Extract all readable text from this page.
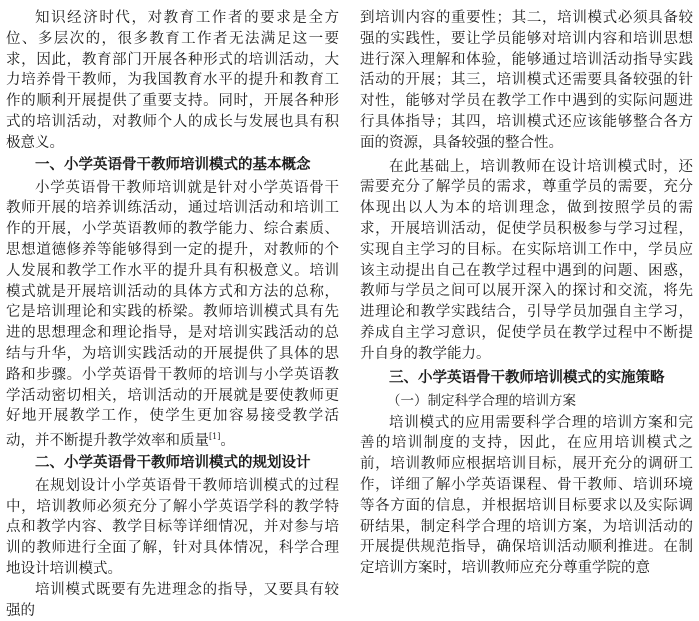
知识经济时代，对教育工作者的要求是全方位、多层次的，很多教育工作者无法满足这一要求，因此，教育部门开展各种形式的培训活动，大力培养骨干教师，为我国教育水平的提升和教育工作的顺利开展提供了重要支持。同时，开展各种形式的培训活动，对教师个人的成长与发展也具有积极意义。

一、小学英语骨干教师培训模式的基本概念

小学英语骨干教师培训就是针对小学英语骨干教师开展的培养训练活动，通过培训活动和培训工作的开展，小学英语教师的教学能力、综合素质、思想道德修养等能够得到一定的提升，对教师的个人发展和教学工作水平的提升具有积极意义。培训模式就是开展培训活动的具体方式和方法的总称，它是培训理论和实践的桥梁。教师培训模式具有先进的思想理念和理论指导，是对培训实践活动的总结与升华，为培训实践活动的开展提供了具体的思路和步骤。小学英语骨干教师的培训与小学英语教学活动密切相关，培训活动的开展就是要使教师更好地开展教学工作，使学生更加容易接受教学活动，并不断提升教学效率和质量[1]。

二、小学英语骨干教师培训模式的规划设计

在规划设计小学英语骨干教师培训模式的过程中，培训教师必须充分了解小学英语学科的教学特点和教学内容、教学目标等详细情况，并对参与培训的教师进行全面了解，针对具体情况，科学合理地设计培训模式。

培训模式既要有先进理念的指导，又要具有较强的

到培训内容的重要性；其二，培训模式必须具备较强的实践性，要让学员能够对培训内容和培训思想进行深入理解和体验，能够通过培训活动指导实践活动的开展；其三，培训模式还需要具备较强的针对性，能够对学员在教学工作中遇到的实际问题进行具体指导；其四，培训模式还应该能够整合各方面的资源，具备较强的整合性。

在此基础上，培训教师在设计培训模式时，还需要充分了解学员的需求，尊重学员的需要，充分体现出以人为本的培训理念，做到按照学员的需求，开展培训活动，促使学员积极参与学习过程，实现自主学习的目标。在实际培训工作中，学员应该主动提出自己在教学过程中遇到的问题、困惑，教师与学员之间可以展开深入的探讨和交流，将先进理论和教学实践结合，引导学员加强自主学习，养成自主学习意识，促使学员在教学过程中不断提升自身的教学能力。

三、小学英语骨干教师培训模式的实施策略
（一）制定科学合理的培训方案

培训模式的应用需要科学合理的培训方案和完善的培训制度的支持，因此，在应用培训模式之前，培训教师应根据培训目标，展开充分的调研工作，详细了解小学英语课程、骨干教师、培训环境等各方面的信息，并根据培训目标要求以及实际调研结果，制定科学合理的培训方案，为培训活动的开展提供规范指导，确保培训活动顺利推进。在制定培训方案时，培训教师应充分尊重学院的意
